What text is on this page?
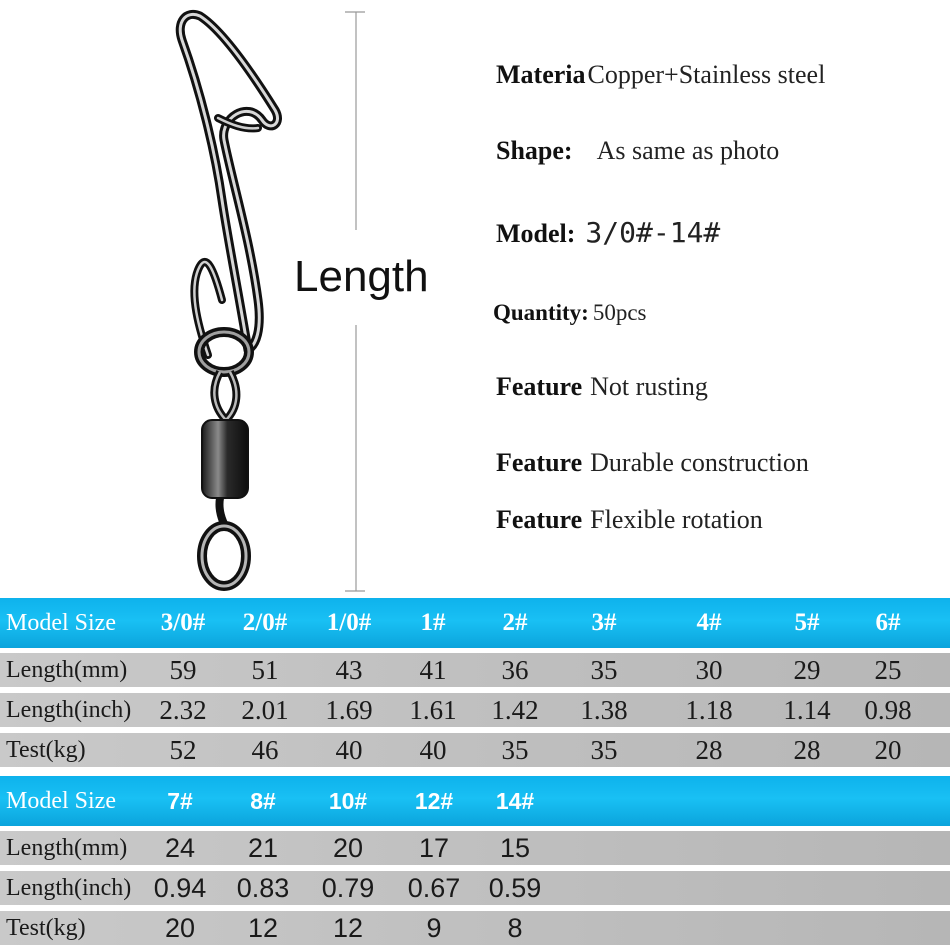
Length
MateriaCopper+Stainless steel
Shape: As same as photo
Model: 3/0#-14#
Quantity: 50pcs
Feature Not rusting
Feature Durable construction
Feature Flexible rotation
Model Size	3/0#	2/0#	1/0#	1#	2#	3#	4#	5#	6#
Length(mm)	59	51	43	41	36	35	30	29	25
Length(inch)	2.32	2.01	1.69	1.61	1.42	1.38	1.18	1.14	0.98
Test(kg)	52	46	40	40	35	35	28	28	20
Model Size	7#	8#	10#	12#	14#
Length(mm)	24	21	20	17	15
Length(inch) 0.94	0.83	0.79	0.67	0.59
Test(kg)	20	12	12	9	8
